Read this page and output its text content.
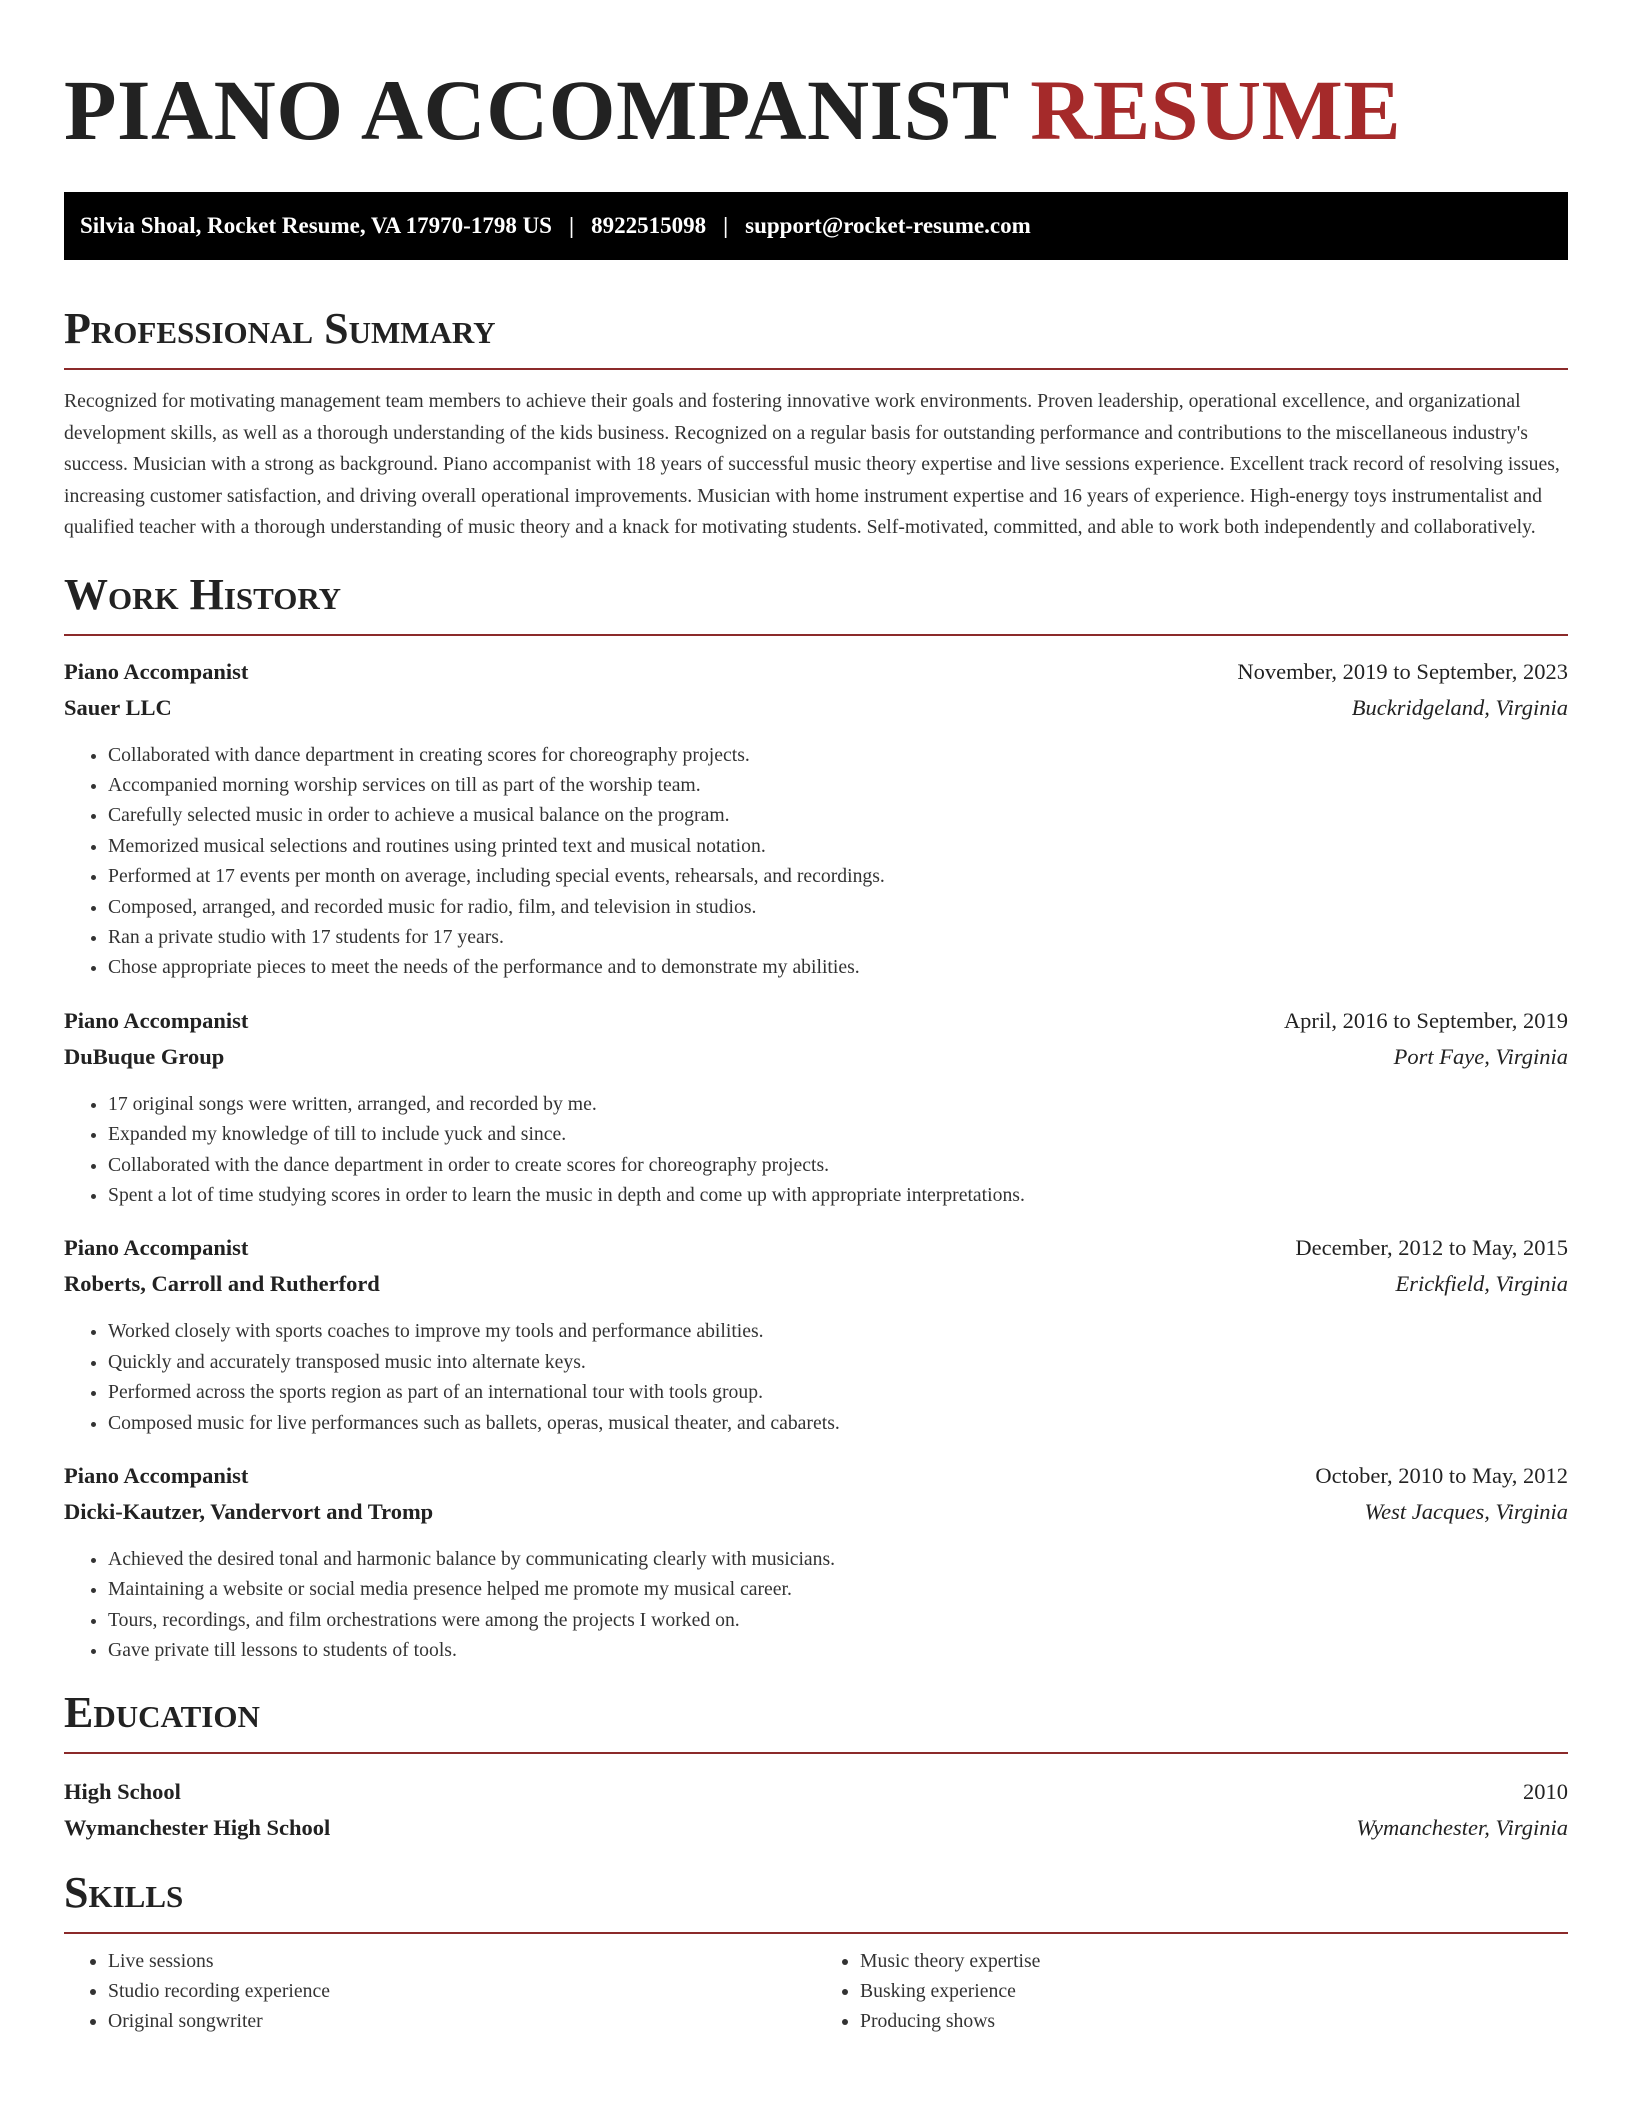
PIANO ACCOMPANIST RESUME
Silvia Shoal, Rocket Resume, VA 17970-1798 US | 8922515098 | support@rocket-resume.com
Professional Summary

Recognized for motivating management team members to achieve their goals and fostering innovative work environments. Proven leadership, operational excellence, and organizational development skills, as well as a thorough understanding of the kids business. Recognized on a regular basis for outstanding performance and contributions to the miscellaneous industry's success. Musician with a strong as background. Piano accompanist with 18 years of successful music theory expertise and live sessions experience. Excellent track record of resolving issues, increasing customer satisfaction, and driving overall operational improvements. Musician with home instrument expertise and 16 years of experience. High-energy toys instrumentalist and qualified teacher with a thorough understanding of music theory and a knack for motivating students. Self-motivated, committed, and able to work both independently and collaboratively.

Work History
Piano Accompanist	November, 2019 to September, 2023
Sauer LLC	Buckridgeland, Virginia
• Collaborated with dance department in creating scores for choreography projects.
• Accompanied morning worship services on till as part of the worship team.
• Carefully selected music in order to achieve a musical balance on the program.
• Memorized musical selections and routines using printed text and musical notation.
• Performed at 17 events per month on average, including special events, rehearsals, and recordings.
• Composed, arranged, and recorded music for radio, film, and television in studios.
• Ran a private studio with 17 students for 17 years.
• Chose appropriate pieces to meet the needs of the performance and to demonstrate my abilities.
Piano Accompanist	April, 2016 to September, 2019
DuBuque Group	Port Faye, Virginia
• 17 original songs were written, arranged, and recorded by me.
• Expanded my knowledge of till to include yuck and since.
• Collaborated with the dance department in order to create scores for choreography projects.
• Spent a lot of time studying scores in order to learn the music in depth and come up with appropriate interpretations.
Piano Accompanist	December, 2012 to May, 2015
Roberts, Carroll and Rutherford	Erickfield, Virginia
• Worked closely with sports coaches to improve my tools and performance abilities.
• Quickly and accurately transposed music into alternate keys.
• Performed across the sports region as part of an international tour with tools group.
• Composed music for live performances such as ballets, operas, musical theater, and cabarets.
Piano Accompanist	October, 2010 to May, 2012
Dicki-Kautzer, Vandervort and Tromp	West Jacques, Virginia
• Achieved the desired tonal and harmonic balance by communicating clearly with musicians.
• Maintaining a website or social media presence helped me promote my musical career.
• Tours, recordings, and film orchestrations were among the projects I worked on.
• Gave private till lessons to students of tools.
Education
High School	2010
Wymanchester High School	Wymanchester, Virginia
Skills
• Live sessions
• Studio recording experience
• Original songwriter
• Music theory expertise
• Busking experience
• Producing shows
